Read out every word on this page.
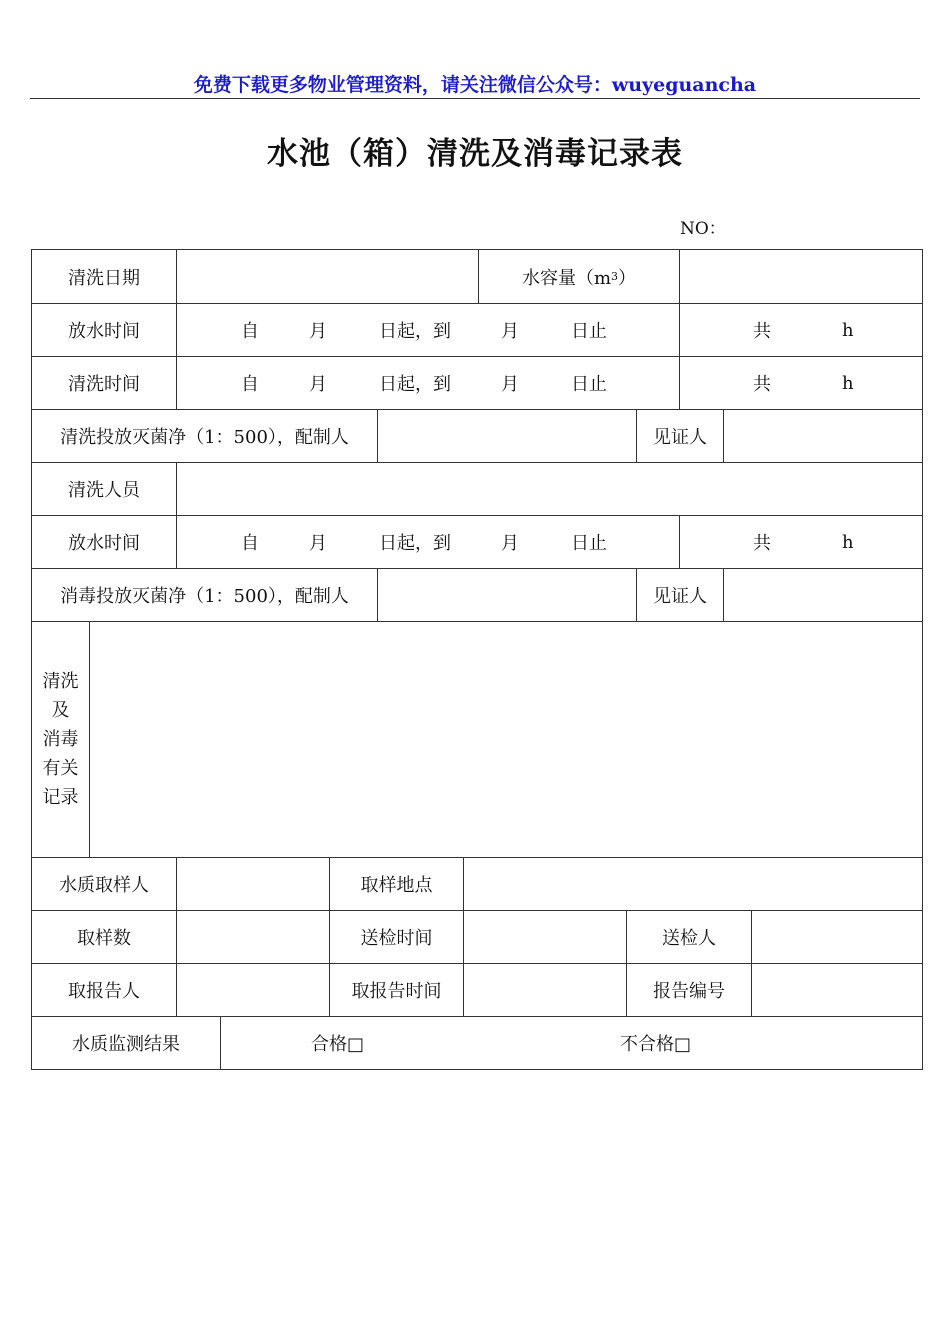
免费下载更多物业管理资料，请关注微信公众号：wuyeguancha
水池（箱）清洗及消毒记录表
NO：
清洗日期	水容量（m 3 ）
放水时间	自	月	日起，到	月	日止	共	h
清洗时间	自	月	日起，到	月	日止	共	h
清洗投放灭菌净（1：500），配制人	见证人
清洗人员
放水时间	自	月	日起，到	月	日止	共	h
消毒投放灭菌净（1：500），配制人	见证人
清洗
及
消毒
有关
记录
水质取样人	取样地点
取样数	送检时间	送检人
取报告人	取报告时间	报告编号
水质监测结果	合格□	不合格□
